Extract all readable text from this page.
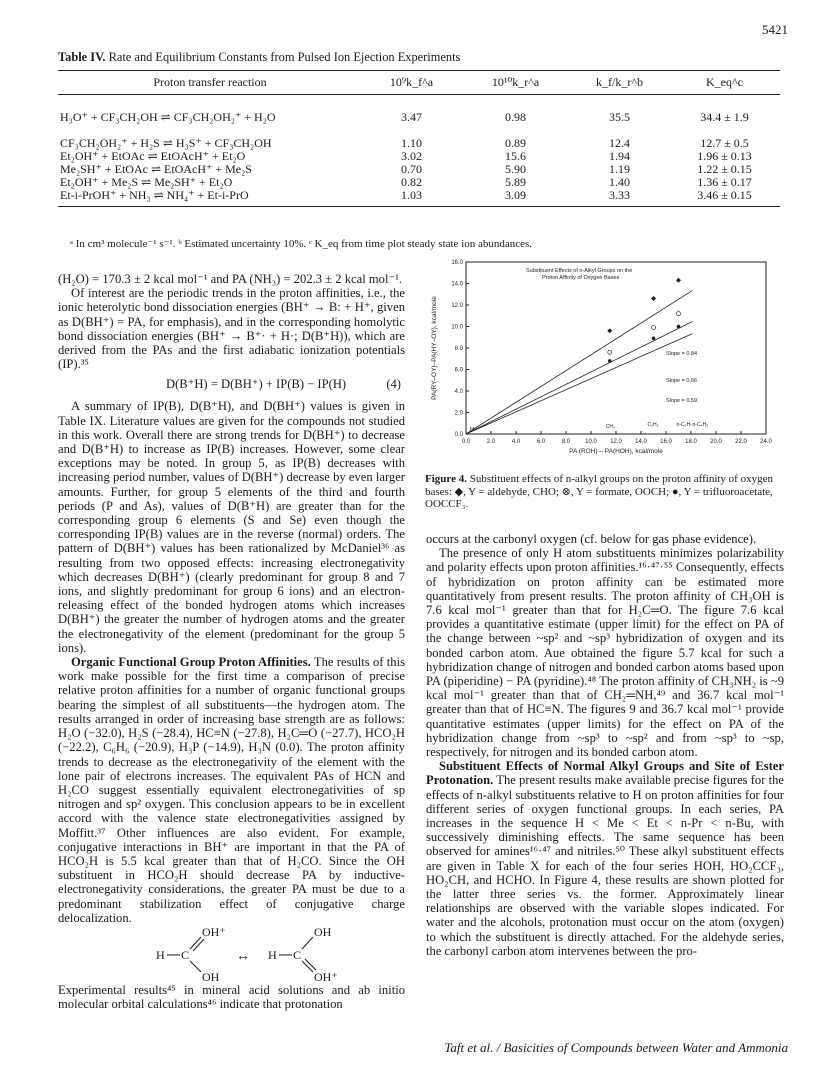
5421
Table IV. Rate and Equilibrium Constants from Pulsed Ion Ejection Experiments
Proton transfer reaction	10⁹k_f^a	10¹⁰k_r^a	k_f/k_r^b	K_eq^c
H₃O⁺ + CF₃CH₂OH ⇌ CF₃CH₂OH₂⁺ + H₂O	3.47	0.98	35.5	34.4 ± 1.9
CF₃CH₂OH₂⁺ + H₂S ⇌ H₃S⁺ + CF₃CH₂OH	1.10	0.89	12.4	12.7 ± 0.5
Et₂OH⁺ + EtOAc ⇌ EtOAcH⁺ + Et₂O	3.02	15.6	1.94	1.96 ± 0.13
Me₂SH⁺ + EtOAc ⇌ EtOAcH⁺ + Me₂S	0.70	5.90	1.19	1.22 ± 0.15
Et₂OH⁺ + Me₂S ⇌ Me₂SH⁺ + Et₂O	0.82	5.89	1.40	1.36 ± 0.17
Et-i-PrOH⁺ + NH₃ ⇌ NH₄⁺ + Et-i-PrO	1.03	3.09	3.33	3.46 ± 0.15
ᵃ In cm³ molecule⁻¹ s⁻¹. ᵇ Estimated uncertainty 10%. ᶜ K_eq from time plot steady state ion abundances.

(H₂O) = 170.3 ± 2 kcal mol⁻¹ and PA (NH₃) = 202.3 ± 2 kcal mol⁻¹.

Of interest are the periodic trends in the proton affinities, i.e., the ionic heterolytic bond dissociation energies (BH⁺ → B: + H⁺, given as D(BH⁺) = PA, for emphasis), and in the corresponding homolytic bond dissociation energies (BH⁺ → B⁺· + H·; D(B⁺H)), which are derived from the PAs and the first adiabatic ionization potentials (IP).³⁵

D(B⁺H) = D(BH⁺) + IP(B) − IP(H)	(4)

A summary of IP(B), D(B⁺H), and D(BH⁺) values is given in Table IX. Literature values are given for the compounds not studied in this work. Overall there are strong trends for D(BH⁺) to decrease and D(B⁺H) to increase as IP(B) increases. However, some clear exceptions may be noted. In group 5, as IP(B) decreases with increasing period number, values of D(BH⁺) decrease by even larger amounts. Further, for group 5 elements of the third and fourth periods (P and As), values of D(B⁺H) are greater than for the corresponding group 6 elements (S and Se) even though the corresponding IP(B) values are in the reverse (normal) orders. The pattern of D(BH⁺) values has been rationalized by McDaniel³⁶ as resulting from two opposed effects: increasing electronegativity which decreases D(BH⁺) (clearly predominant for group 8 and 7 ions, and slightly predominant for group 6 ions) and an electron-releasing effect of the bonded hydrogen atoms which increases D(BH⁺) the greater the number of hydrogen atoms and the greater the electronegativity of the element (predominant for the group 5 ions).

Organic Functional Group Proton Affinities. The results of this work make possible for the first time a comparison of precise relative proton affinities for a number of organic functional groups bearing the simplest of all substituents—the hydrogen atom. The results arranged in order of increasing base strength are as follows: H₂O (−32.0), H₂S (−28.4), HC≡N (−27.8), H₂C═O (−27.7), HCO₂H (−22.2), C₆H₆ (−20.9), H₃P (−14.9), H₃N (0.0). The proton affinity trends to decrease as the electronegativity of the element with the lone pair of electrons increases. The equivalent PAs of HCN and H₂CO suggest essentially equivalent electronegativities of sp nitrogen and sp² oxygen. This conclusion appears to be in excellent accord with the valence state electronegativities assigned by Moffitt.³⁷ Other influences are also evident. For example, conjugative interactions in BH⁺ are important in that the PA of HCO₂H is 5.5 kcal greater than that of H₂CO. Since the OH substituent in HCO₂H should decrease PA by inductive-electronegativity considerations, the greater PA must be due to a predominant stabilization effect of conjugative charge delocalization.

H C
OH⁺
OH
↔ H C
OH
OH⁺

Experimental results⁴⁵ in mineral acid solutions and ab initio molecular orbital calculations⁴⁶ indicate that protonation

0.0	2.0	4.0	6.0	8.0 10.0 12.0 14.0 16.0 18.0 20.0 22.0 24.0
0.0
2.0
4.0
6.0
8.0
10.0
12.0
14.0
16.0
PA (ROH) – PA(HOH), kcal/mole
PA(RY–OY)–PA(HY–OY), kcal/mole
Substituent Effects of n-Alkyl Groups on the
Proton Affinity of Oxygen Bases
Slope = 0.84
Slope = 0.66
Slope = 0.59
H	CH₃	C₂H₅	n-C₃H₇ n-C₄H₉
Figure 4. Substituent effects of n-alkyl groups on the proton affinity of oxygen bases: ◆, Y = aldehyde, CHO; ⊗, Y = formate, OOCH; ●, Y = trifluoroacetate, OOCCF₃.

occurs at the carbonyl oxygen (cf. below for gas phase evidence).

The presence of only H atom substituents minimizes polarizability and polarity effects upon proton affinities.¹⁶·⁴⁷·⁵⁵ Consequently, effects of hybridization on proton affinity can be estimated more quantitatively from present results. The proton affinity of CH₃OH is 7.6 kcal mol⁻¹ greater than that for H₂C═O. The figure 7.6 kcal provides a quantitative estimate (upper limit) for the effect on PA of the change between ~sp² and ~sp³ hybridization of oxygen and its bonded carbon atom. Aue obtained the figure 5.7 kcal for such a hybridization change of nitrogen and bonded carbon atoms based upon PA (piperidine) − PA (pyridine).⁴⁸ The proton affinity of CH₃NH₂ is ~9 kcal mol⁻¹ greater than that of CH₂═NH,⁴⁹ and 36.7 kcal mol⁻¹ greater than that of HC≡N. The figures 9 and 36.7 kcal mol⁻¹ provide quantitative estimates (upper limits) for the effect on PA of the hybridization change from ~sp³ to ~sp² and from ~sp³ to ~sp, respectively, for nitrogen and its bonded carbon atom.

Substituent Effects of Normal Alkyl Groups and Site of Ester Protonation. The present results make available precise figures for the effects of n-alkyl substituents relative to H on proton affinities for four different series of oxygen functional groups. In each series, PA increases in the sequence H < Me < Et < n-Pr < n-Bu, with successively diminishing effects. The same sequence has been observed for amines¹⁶·⁴⁷ and nitriles.⁵⁰ These alkyl substituent effects are given in Table X for each of the four series HOH, HO₂CCF₃, HO₂CH, and HCHO. In Figure 4, these results are shown plotted for the latter three series vs. the former. Approximately linear relationships are observed with the variable slopes indicated. For water and the alcohols, protonation must occur on the atom (oxygen) to which the substituent is directly attached. For the aldehyde series, the carbonyl carbon atom intervenes between the pro-

Taft et al. / Basicities of Compounds between Water and Ammonia
